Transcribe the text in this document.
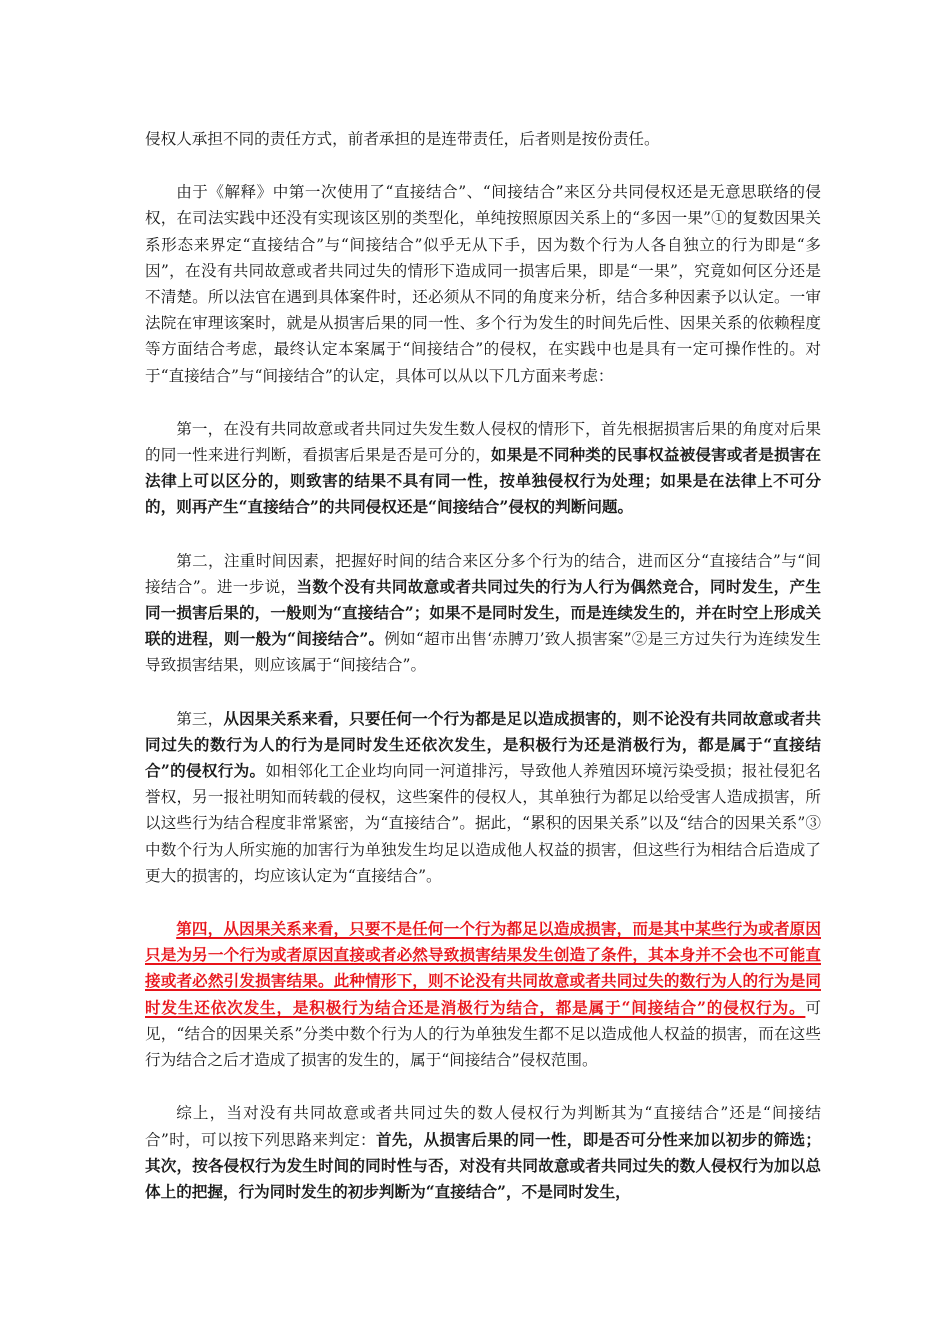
侵权人承担不同的责任方式，前者承担的是连带责任，后者则是按份责任。

由于《解释》中第一次使用了“直接结合”、“间接结合”来区分共同侵权还是无意思联络的侵权，在司法实践中还没有实现该区别的类型化，单纯按照原因关系上的“多因一果”①的复数因果关系形态来界定“直接结合”与“间接结合”似乎无从下手，因为数个行为人各自独立的行为即是“多因”，在没有共同故意或者共同过失的情形下造成同一损害后果，即是“一果”，究竟如何区分还是不清楚。所以法官在遇到具体案件时，还必须从不同的角度来分析，结合多种因素予以认定。一审法院在审理该案时，就是从损害后果的同一性、多个行为发生的时间先后性、因果关系的依赖程度等方面结合考虑，最终认定本案属于“间接结合”的侵权，在实践中也是具有一定可操作性的。对于“直接结合”与“间接结合”的认定，具体可以从以下几方面来考虑：

第一，在没有共同故意或者共同过失发生数人侵权的情形下，首先根据损害后果的角度对后果的同一性来进行判断，看损害后果是否是可分的，如果是不同种类的民事权益被侵害或者是损害在法律上可以区分的，则致害的结果不具有同一性，按单独侵权行为处理；如果是在法律上不可分的，则再产生“直接结合”的共同侵权还是“间接结合”侵权的判断问题。

第二，注重时间因素，把握好时间的结合来区分多个行为的结合，进而区分“直接结合”与“间接结合”。进一步说，当数个没有共同故意或者共同过失的行为人行为偶然竞合，同时发生，产生同一损害后果的，一般则为“直接结合”；如果不是同时发生，而是连续发生的，并在时空上形成关联的进程，则一般为“间接结合”。例如“超市出售‘赤膊刀’致人损害案”②是三方过失行为连续发生导致损害结果，则应该属于“间接结合”。

第三，从因果关系来看，只要任何一个行为都是足以造成损害的，则不论没有共同故意或者共同过失的数行为人的行为是同时发生还依次发生，是积极行为还是消极行为，都是属于“直接结合”的侵权行为。如相邻化工企业均向同一河道排污，导致他人养殖因环境污染受损；报社侵犯名誉权，另一报社明知而转载的侵权，这些案件的侵权人，其单独行为都足以给受害人造成损害，所以这些行为结合程度非常紧密，为“直接结合”。据此，“累积的因果关系”以及“结合的因果关系”③中数个行为人所实施的加害行为单独发生均足以造成他人权益的损害，但这些行为相结合后造成了更大的损害的，均应该认定为“直接结合”。

第四，从因果关系来看，只要不是任何一个行为都足以造成损害，而是其中某些行为或者原因只是为另一个行为或者原因直接或者必然导致损害结果发生创造了条件，其本身并不会也不可能直接或者必然引发损害结果。此种情形下，则不论没有共同故意或者共同过失的数行为人的行为是同时发生还依次发生，是积极行为结合还是消极行为结合，都是属于“间接结合”的侵权行为。可见，“结合的因果关系”分类中数个行为人的行为单独发生都不足以造成他人权益的损害，而在这些行为结合之后才造成了损害的发生的，属于“间接结合”侵权范围。

综上，当对没有共同故意或者共同过失的数人侵权行为判断其为“直接结合”还是“间接结合”时，可以按下列思路来判定：首先，从损害后果的同一性，即是否可分性来加以初步的筛选；其次，按各侵权行为发生时间的同时性与否，对没有共同故意或者共同过失的数人侵权行为加以总体上的把握，行为同时发生的初步判断为“直接结合”，不是同时发生，
